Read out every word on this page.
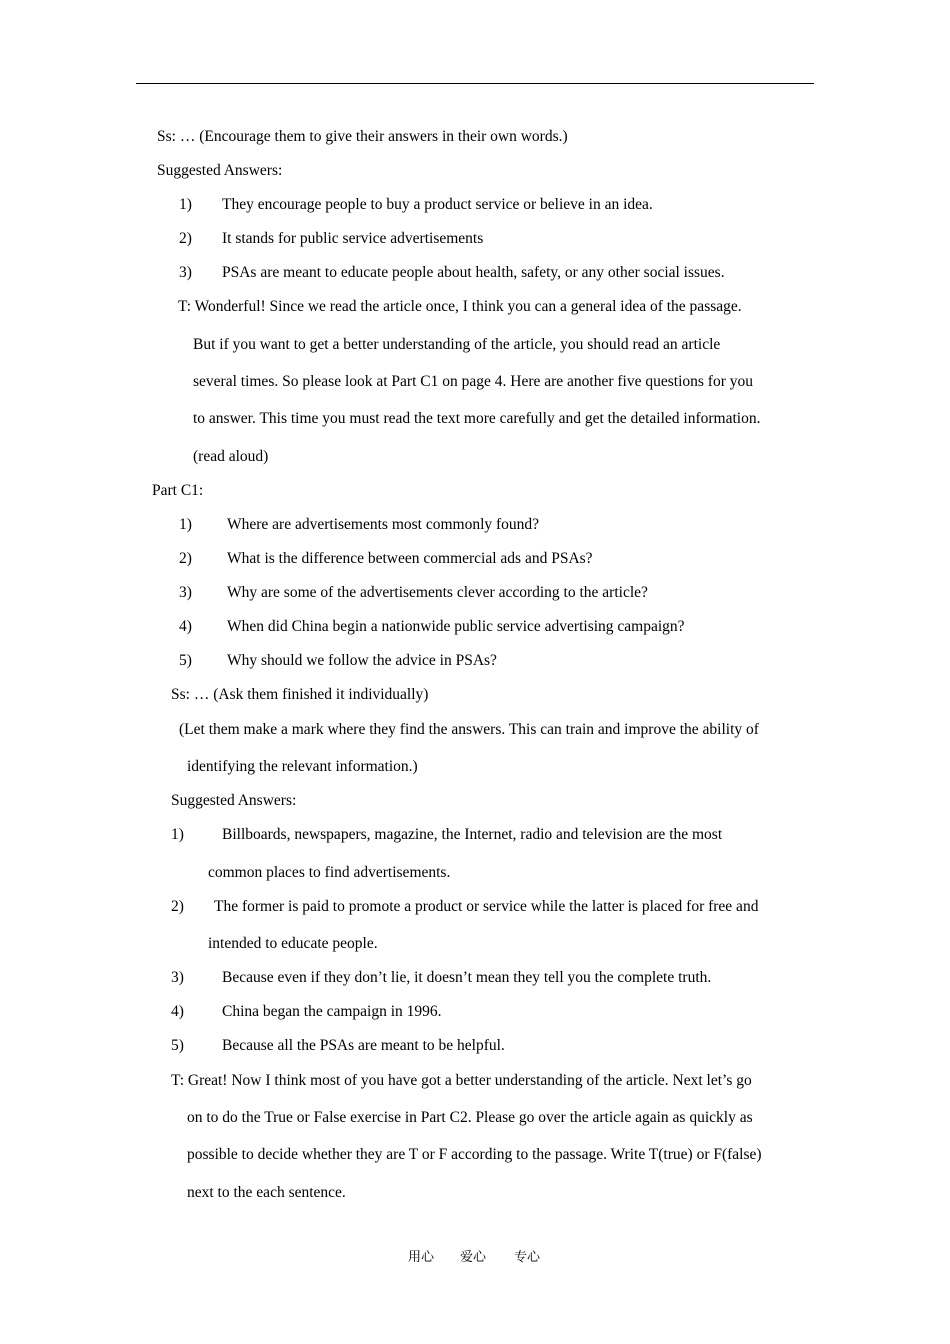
Ss: … (Encourage them to give their answers in their own words.)
Suggested Answers:
1) They encourage people to buy a product service or believe in an idea.
2) It stands for public service advertisements
3) PSAs are meant to educate people about health, safety, or any other social issues.
T: Wonderful! Since we read the article once, I think you can a general idea of the passage.
But if you want to get a better understanding of the article, you should read an article
several times. So please look at Part C1 on page 4. Here are another five questions for you
to answer. This time you must read the text more carefully and get the detailed information.
(read aloud)
Part C1:
1) Where are advertisements most commonly found?
2) What is the difference between commercial ads and PSAs?
3) Why are some of the advertisements clever according to the article?
4) When did China begin a nationwide public service advertising campaign?
5) Why should we follow the advice in PSAs?
Ss: … (Ask them finished it individually)
(Let them make a mark where they find the answers. This can train and improve the ability of
identifying the relevant information.)
Suggested Answers:
1) Billboards, newspapers, magazine, the Internet, radio and television are the most
common places to find advertisements.
2) The former is paid to promote a product or service while the latter is placed for free and
intended to educate people.
3) Because even if they don’t lie, it doesn’t mean they tell you the complete truth.
4) China began the campaign in 1996.
5) Because all the PSAs are meant to be helpful.
T: Great! Now I think most of you have got a better understanding of the article. Next let’s go
on to do the True or False exercise in Part C2. Please go over the article again as quickly as
possible to decide whether they are T or F according to the passage. Write T(true) or F(false)
next to the each sentence.
用心 爱心 专心
